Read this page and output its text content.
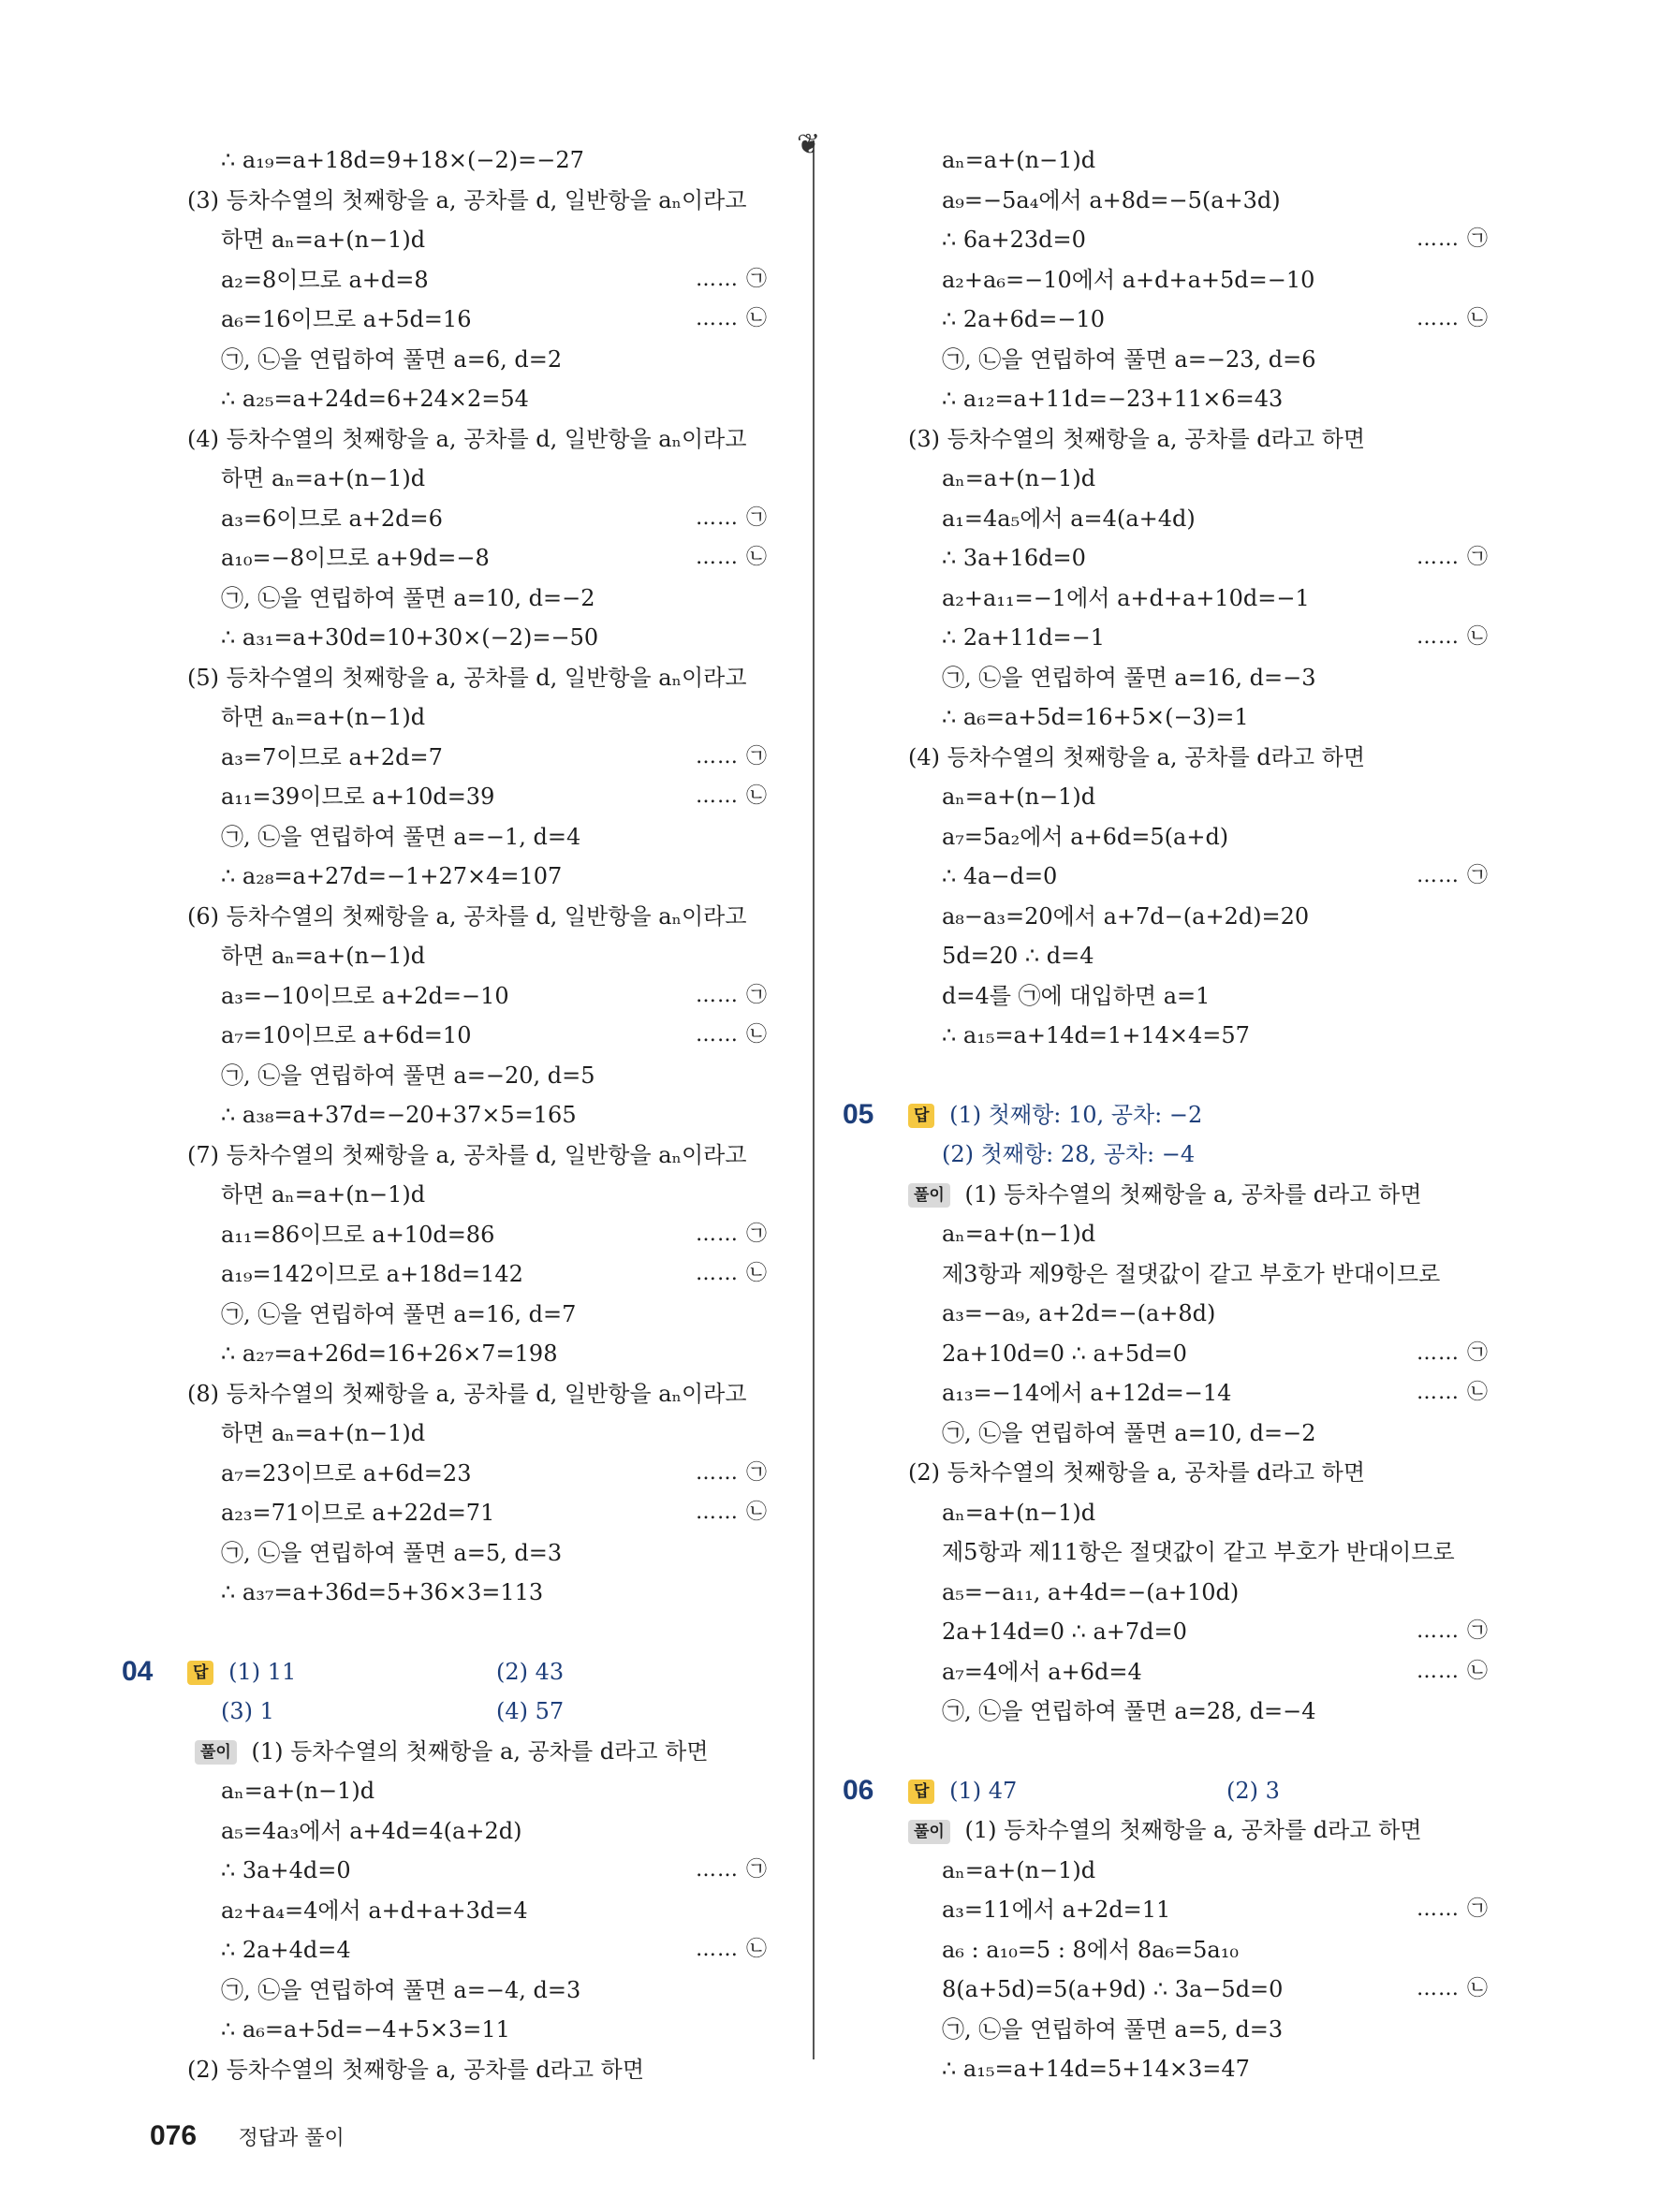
∴ a₁₉=a+18d=9+18×(−2)=−27
(3) 등차수열의 첫째항을 a, 공차를 d, 일반항을 aₙ이라고
하면 aₙ=a+(n−1)d
a₂=8이므로 a+d=8	…… ㉠
a₆=16이므로 a+5d=16	…… ㉡
㉠, ㉡을 연립하여 풀면 a=6, d=2
∴ a₂₅=a+24d=6+24×2=54
(4) 등차수열의 첫째항을 a, 공차를 d, 일반항을 aₙ이라고
하면 aₙ=a+(n−1)d
a₃=6이므로 a+2d=6	…… ㉠
a₁₀=−8이므로 a+9d=−8	…… ㉡
㉠, ㉡을 연립하여 풀면 a=10, d=−2
∴ a₃₁=a+30d=10+30×(−2)=−50
(5) 등차수열의 첫째항을 a, 공차를 d, 일반항을 aₙ이라고
하면 aₙ=a+(n−1)d
a₃=7이므로 a+2d=7	…… ㉠
a₁₁=39이므로 a+10d=39	…… ㉡
㉠, ㉡을 연립하여 풀면 a=−1, d=4
∴ a₂₈=a+27d=−1+27×4=107
(6) 등차수열의 첫째항을 a, 공차를 d, 일반항을 aₙ이라고
하면 aₙ=a+(n−1)d
a₃=−10이므로 a+2d=−10	…… ㉠
a₇=10이므로 a+6d=10	…… ㉡
㉠, ㉡을 연립하여 풀면 a=−20, d=5
∴ a₃₈=a+37d=−20+37×5=165
(7) 등차수열의 첫째항을 a, 공차를 d, 일반항을 aₙ이라고
하면 aₙ=a+(n−1)d
a₁₁=86이므로 a+10d=86	…… ㉠
a₁₉=142이므로 a+18d=142	…… ㉡
㉠, ㉡을 연립하여 풀면 a=16, d=7
∴ a₂₇=a+26d=16+26×7=198
(8) 등차수열의 첫째항을 a, 공차를 d, 일반항을 aₙ이라고
하면 aₙ=a+(n−1)d
a₇=23이므로 a+6d=23	…… ㉠
a₂₃=71이므로 a+22d=71	…… ㉡
㉠, ㉡을 연립하여 풀면 a=5, d=3
∴ a₃₇=a+36d=5+36×3=113
04	답 (1) 11	(2) 43
(3) 1	(4) 57
풀이 (1) 등차수열의 첫째항을 a, 공차를 d라고 하면
aₙ=a+(n−1)d
a₅=4a₃에서 a+4d=4(a+2d)
∴ 3a+4d=0	…… ㉠
a₂+a₄=4에서 a+d+a+3d=4
∴ 2a+4d=4	…… ㉡
㉠, ㉡을 연립하여 풀면 a=−4, d=3
∴ a₆=a+5d=−4+5×3=11
(2) 등차수열의 첫째항을 a, 공차를 d라고 하면
❦	aₙ=a+(n−1)d
a₉=−5a₄에서 a+8d=−5(a+3d)
∴ 6a+23d=0	…… ㉠
a₂+a₆=−10에서 a+d+a+5d=−10
∴ 2a+6d=−10	…… ㉡
㉠, ㉡을 연립하여 풀면 a=−23, d=6
∴ a₁₂=a+11d=−23+11×6=43
(3) 등차수열의 첫째항을 a, 공차를 d라고 하면
aₙ=a+(n−1)d
a₁=4a₅에서 a=4(a+4d)
∴ 3a+16d=0	…… ㉠
a₂+a₁₁=−1에서 a+d+a+10d=−1
∴ 2a+11d=−1	…… ㉡
㉠, ㉡을 연립하여 풀면 a=16, d=−3
∴ a₆=a+5d=16+5×(−3)=1
(4) 등차수열의 첫째항을 a, 공차를 d라고 하면
aₙ=a+(n−1)d
a₇=5a₂에서 a+6d=5(a+d)
∴ 4a−d=0	…… ㉠
a₈−a₃=20에서 a+7d−(a+2d)=20
5d=20 ∴ d=4
d=4를 ㉠에 대입하면 a=1
∴ a₁₅=a+14d=1+14×4=57
05	답 (1) 첫째항: 10, 공차: −2
(2) 첫째항: 28, 공차: −4
풀이 (1) 등차수열의 첫째항을 a, 공차를 d라고 하면
aₙ=a+(n−1)d
제3항과 제9항은 절댓값이 같고 부호가 반대이므로
a₃=−a₉, a+2d=−(a+8d)
2a+10d=0 ∴ a+5d=0	…… ㉠
a₁₃=−14에서 a+12d=−14	…… ㉡
㉠, ㉡을 연립하여 풀면 a=10, d=−2
(2) 등차수열의 첫째항을 a, 공차를 d라고 하면
aₙ=a+(n−1)d
제5항과 제11항은 절댓값이 같고 부호가 반대이므로
a₅=−a₁₁, a+4d=−(a+10d)
2a+14d=0 ∴ a+7d=0	…… ㉠
a₇=4에서 a+6d=4	…… ㉡
㉠, ㉡을 연립하여 풀면 a=28, d=−4
06	답 (1) 47	(2) 3
풀이 (1) 등차수열의 첫째항을 a, 공차를 d라고 하면
aₙ=a+(n−1)d
a₃=11에서 a+2d=11	…… ㉠
a₆ : a₁₀=5 : 8에서 8a₆=5a₁₀
8(a+5d)=5(a+9d) ∴ 3a−5d=0	…… ㉡
㉠, ㉡을 연립하여 풀면 a=5, d=3
∴ a₁₅=a+14d=5+14×3=47
076 정답과 풀이
